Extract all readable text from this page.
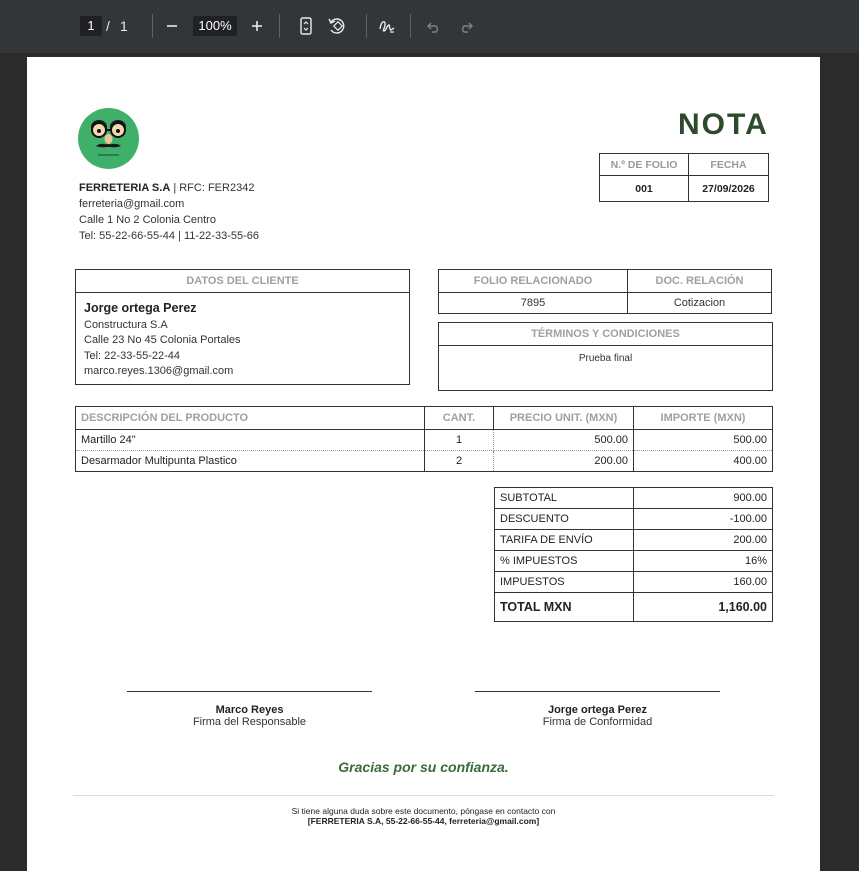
1 / 1	100%
FERRETERIA S.A | RFC: FER2342
ferreteria@gmail.com
Calle 1 No 2 Colonia Centro
Tel: 55-22-66-55-44 | 11-22-33-55-66
NOTA
N.º DE FOLIO	FECHA
001	27/09/2026
DATOS DEL CLIENTE
Jorge ortega Perez
Constructura S.A
Calle 23 No 45 Colonia Portales
Tel: 22-33-55-22-44
marco.reyes.1306@gmail.com
FOLIO RELACIONADO	DOC. RELACIÓN
7895	Cotizacion
TÉRMINOS Y CONDICIONES
Prueba final
DESCRIPCIÓN DEL PRODUCTO	CANT.	PRECIO UNIT. (MXN)	IMPORTE (MXN)
Martillo 24"	1	500.00	500.00
Desarmador Multipunta Plastico	2	200.00	400.00
SUBTOTAL	900.00
DESCUENTO	-100.00
TARIFA DE ENVÍO	200.00
% IMPUESTOS	16%
IMPUESTOS	160.00
TOTAL MXN	1,160.00
Marco Reyes
Firma del Responsable
Jorge ortega Perez
Firma de Conformidad
Gracias por su confianza.
Si tiene alguna duda sobre este documento, póngase en contacto con
[FERRETERIA S.A, 55-22-66-55-44, ferreteria@gmail.com]
